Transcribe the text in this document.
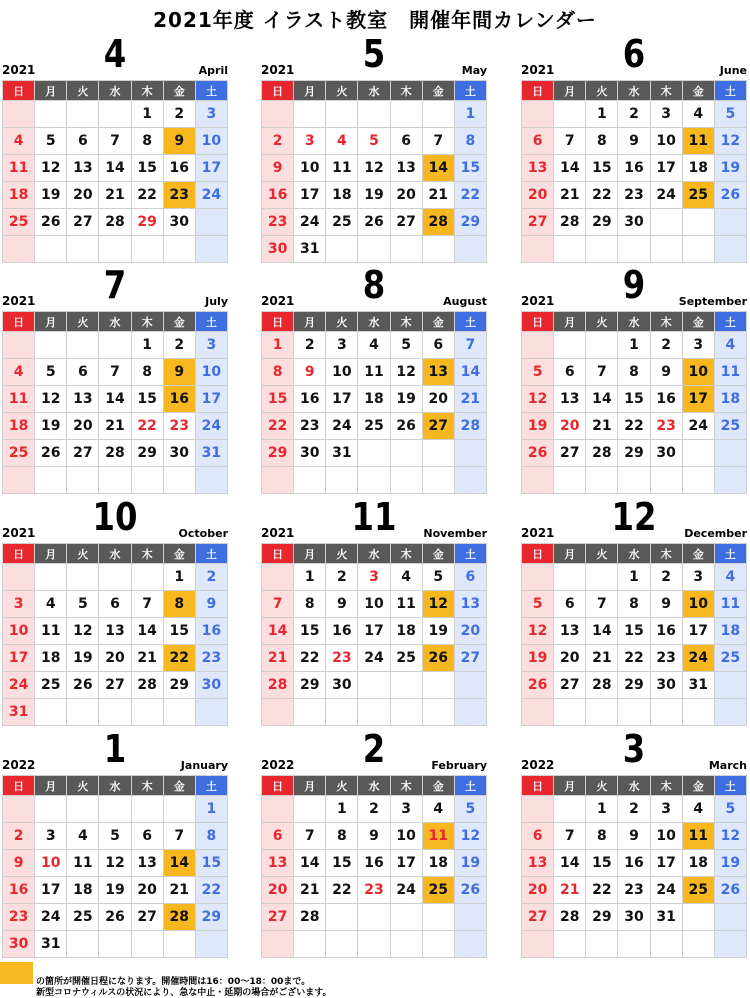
2021年度 イラスト教室　開催年間カレンダー
4
2021	April
日	月	火	水	木	金	土
				1	2	3
4	5	6	7	8	9	10
11	12	13	14	15	16	17
18	19	20	21	22	23	24
25	26	27	28	29	30	

5
2021	May
日	月	火	水	木	金	土
						1
2	3	4	5	6	7	8
9	10	11	12	13	14	15
16	17	18	19	20	21	22
23	24	25	26	27	28	29
30	31					
6
2021	June
日	月	火	水	木	金	土
		1	2	3	4	5
6	7	8	9	10	11	12
13	14	15	16	17	18	19
20	21	22	23	24	25	26
27	28	29	30			

7
2021	July
日	月	火	水	木	金	土
				1	2	3
4	5	6	7	8	9	10
11	12	13	14	15	16	17
18	19	20	21	22	23	24
25	26	27	28	29	30	31

8
2021	August
日	月	火	水	木	金	土
1	2	3	4	5	6	7
8	9	10	11	12	13	14
15	16	17	18	19	20	21
22	23	24	25	26	27	28
29	30	31				

9
2021	September
日	月	火	水	木	金	土
			1	2	3	4
5	6	7	8	9	10	11
12	13	14	15	16	17	18
19	20	21	22	23	24	25
26	27	28	29	30		

10
2021	October
日	月	火	水	木	金	土
					1	2
3	4	5	6	7	8	9
10	11	12	13	14	15	16
17	18	19	20	21	22	23
24	25	26	27	28	29	30
31						
11
2021	November
日	月	火	水	木	金	土
	1	2	3	4	5	6
7	8	9	10	11	12	13
14	15	16	17	18	19	20
21	22	23	24	25	26	27
28	29	30				

12
2021	December
日	月	火	水	木	金	土
			1	2	3	4
5	6	7	8	9	10	11
12	13	14	15	16	17	18
19	20	21	22	23	24	25
26	27	28	29	30	31	

1
2022	January
日	月	火	水	木	金	土
						1
2	3	4	5	6	7	8
9	10	11	12	13	14	15
16	17	18	19	20	21	22
23	24	25	26	27	28	29
30	31					
2
2022	February
日	月	火	水	木	金	土
		1	2	3	4	5
6	7	8	9	10	11	12
13	14	15	16	17	18	19
20	21	22	23	24	25	26
27	28					

3
2022	March
日	月	火	水	木	金	土
		1	2	3	4	5
6	7	8	9	10	11	12
13	14	15	16	17	18	19
20	21	22	23	24	25	26
27	28	29	30	31		

の箇所が開催日程になります。開催時間は16：00～18：00まで。
新型コロナウィルスの状況により、急な中止・延期の場合がございます。
